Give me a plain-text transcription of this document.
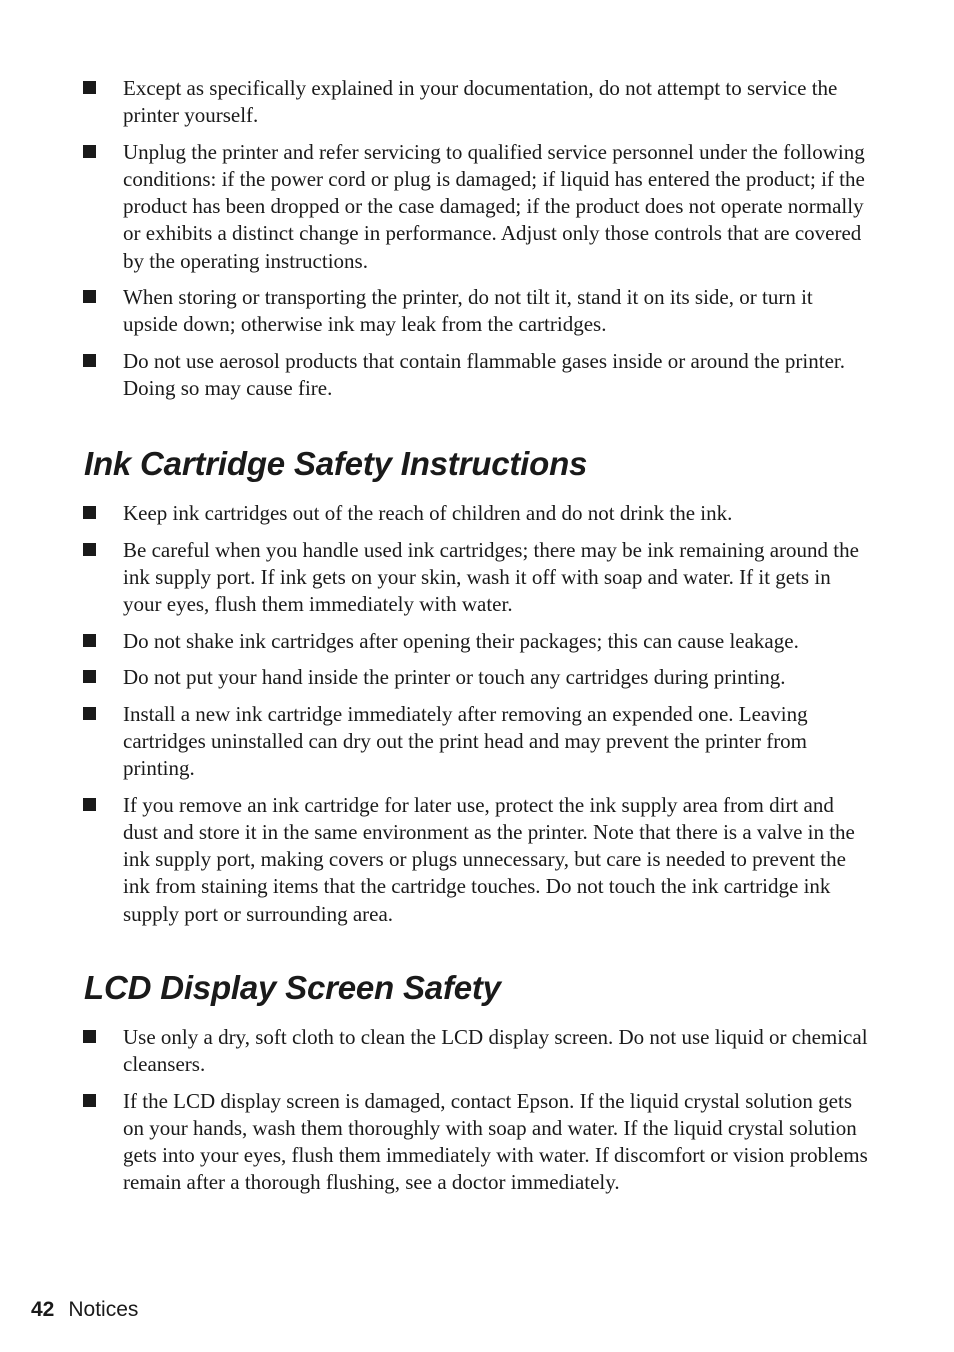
Except as specifically explained in your documentation, do not attempt to service the printer yourself.
Unplug the printer and refer servicing to qualified service personnel under the following conditions: if the power cord or plug is damaged; if liquid has entered the product; if the product has been dropped or the case damaged; if the product does not operate normally or exhibits a distinct change in performance. Adjust only those controls that are covered by the operating instructions.
When storing or transporting the printer, do not tilt it, stand it on its side, or turn it upside down; otherwise ink may leak from the cartridges.
Do not use aerosol products that contain flammable gases inside or around the printer. Doing so may cause fire.
Ink Cartridge Safety Instructions
Keep ink cartridges out of the reach of children and do not drink the ink.
Be careful when you handle used ink cartridges; there may be ink remaining around the ink supply port. If ink gets on your skin, wash it off with soap and water. If it gets in your eyes, flush them immediately with water.
Do not shake ink cartridges after opening their packages; this can cause leakage.
Do not put your hand inside the printer or touch any cartridges during printing.
Install a new ink cartridge immediately after removing an expended one. Leaving cartridges uninstalled can dry out the print head and may prevent the printer from printing.
If you remove an ink cartridge for later use, protect the ink supply area from dirt and dust and store it in the same environment as the printer. Note that there is a valve in the ink supply port, making covers or plugs unnecessary, but care is needed to prevent the ink from staining items that the cartridge touches. Do not touch the ink cartridge ink supply port or surrounding area.
LCD Display Screen Safety
Use only a dry, soft cloth to clean the LCD display screen. Do not use liquid or chemical cleansers.
If the LCD display screen is damaged, contact Epson. If the liquid crystal solution gets on your hands, wash them thoroughly with soap and water. If the liquid crystal solution gets into your eyes, flush them immediately with water. If discomfort or vision problems remain after a thorough flushing, see a doctor immediately.
42 Notices
